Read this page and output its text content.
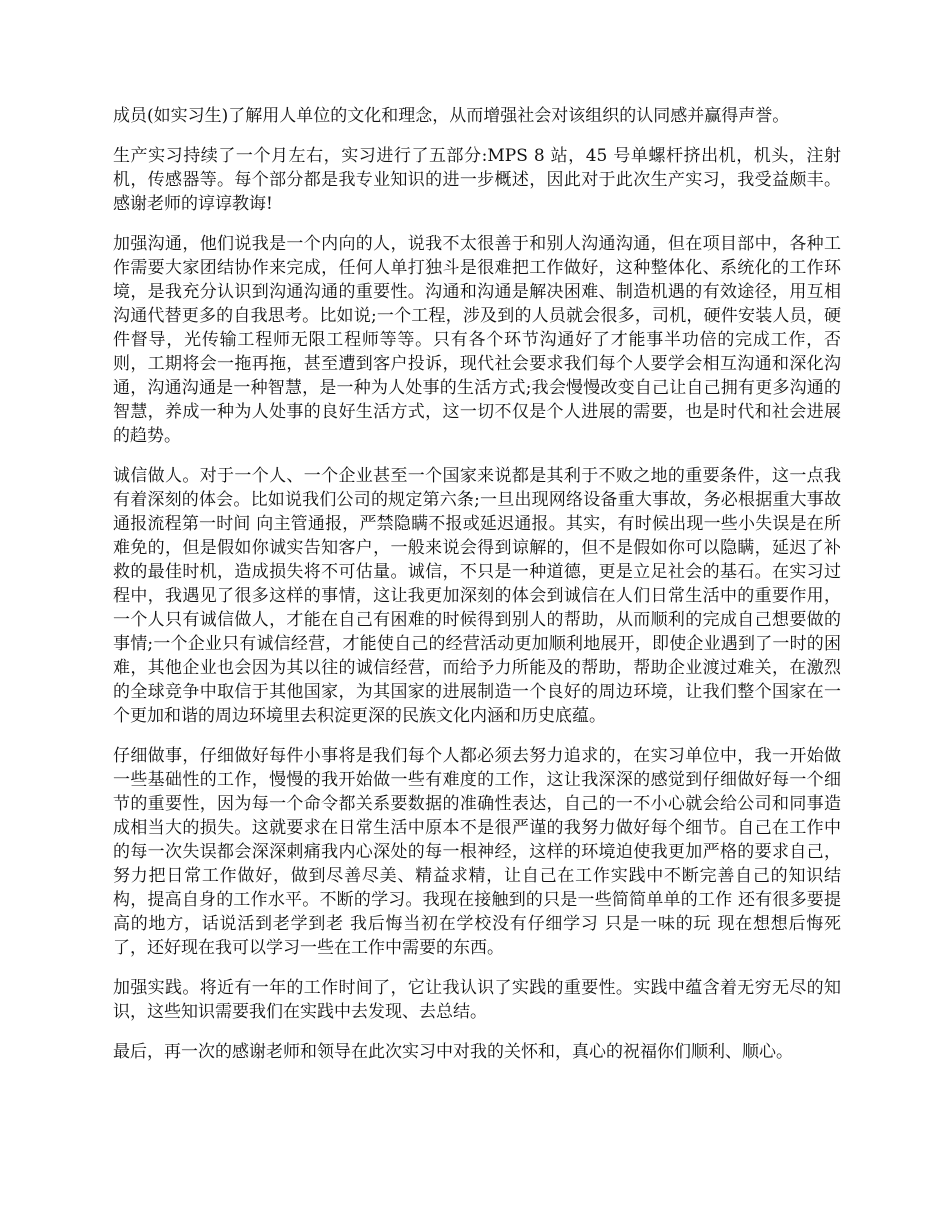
成员(如实习生)了解用人单位的文化和理念，从而增强社会对该组织的认同感并赢得声誉。

生产实习持续了一个月左右，实习进行了五部分:MPS 8 站，45 号单螺杆挤出机，机头，注射机，传感器等。每个部分都是我专业知识的进一步概述，因此对于此次生产实习，我受益颇丰。感谢老师的谆谆教诲!

加强沟通，他们说我是一个内向的人，说我不太很善于和别人沟通沟通，但在项目部中，各种工作需要大家团结协作来完成，任何人单打独斗是很难把工作做好，这种整体化、系统化的工作环境，是我充分认识到沟通沟通的重要性。沟通和沟通是解决困难、制造机遇的有效途径，用互相沟通代替更多的自我思考。比如说;一个工程，涉及到的人员就会很多，司机，硬件安装人员，硬件督导，光传输工程师无限工程师等等。只有各个环节沟通好了才能事半功倍的完成工作，否则，工期将会一拖再拖，甚至遭到客户投诉，现代社会要求我们每个人要学会相互沟通和深化沟通，沟通沟通是一种智慧，是一种为人处事的生活方式;我会慢慢改变自己让自己拥有更多沟通的智慧，养成一种为人处事的良好生活方式，这一切不仅是个人进展的需要，也是时代和社会进展的趋势。

诚信做人。对于一个人、一个企业甚至一个国家来说都是其利于不败之地的重要条件，这一点我有着深刻的体会。比如说我们公司的规定第六条;一旦出现网络设备重大事故，务必根据重大事故通报流程第一时间 向主管通报，严禁隐瞒不报或延迟通报。其实，有时候出现一些小失误是在所难免的，但是假如你诚实告知客户，一般来说会得到谅解的，但不是假如你可以隐瞒，延迟了补救的最佳时机，造成损失将不可估量。诚信，不只是一种道德，更是立足社会的基石。在实习过程中，我遇见了很多这样的事情，这让我更加深刻的体会到诚信在人们日常生活中的重要作用，一个人只有诚信做人，才能在自己有困难的时候得到别人的帮助，从而顺利的完成自己想要做的事情;一个企业只有诚信经营，才能使自己的经营活动更加顺利地展开，即使企业遇到了一时的困难，其他企业也会因为其以往的诚信经营，而给予力所能及的帮助，帮助企业渡过难关，在激烈的全球竞争中取信于其他国家，为其国家的进展制造一个良好的周边环境，让我们整个国家在一个更加和谐的周边环境里去积淀更深的民族文化内涵和历史底蕴。

仔细做事，仔细做好每件小事将是我们每个人都必须去努力追求的，在实习单位中，我一开始做一些基础性的工作，慢慢的我开始做一些有难度的工作，这让我深深的感觉到仔细做好每一个细节的重要性，因为每一个命令都关系要数据的准确性表达，自己的一不小心就会给公司和同事造成相当大的损失。这就要求在日常生活中原本不是很严谨的我努力做好每个细节。自己在工作中的每一次失误都会深深刺痛我内心深处的每一根神经，这样的环境迫使我更加严格的要求自己，努力把日常工作做好，做到尽善尽美、精益求精，让自己在工作实践中不断完善自己的知识结构，提高自身的工作水平。不断的学习。我现在接触到的只是一些简简单单的工作 还有很多要提高的地方，话说活到老学到老 我后悔当初在学校没有仔细学习 只是一味的玩 现在想想后悔死了，还好现在我可以学习一些在工作中需要的东西。

加强实践。将近有一年的工作时间了，它让我认识了实践的重要性。实践中蕴含着无穷无尽的知识，这些知识需要我们在实践中去发现、去总结。

最后，再一次的感谢老师和领导在此次实习中对我的关怀和，真心的祝福你们顺利、顺心。
